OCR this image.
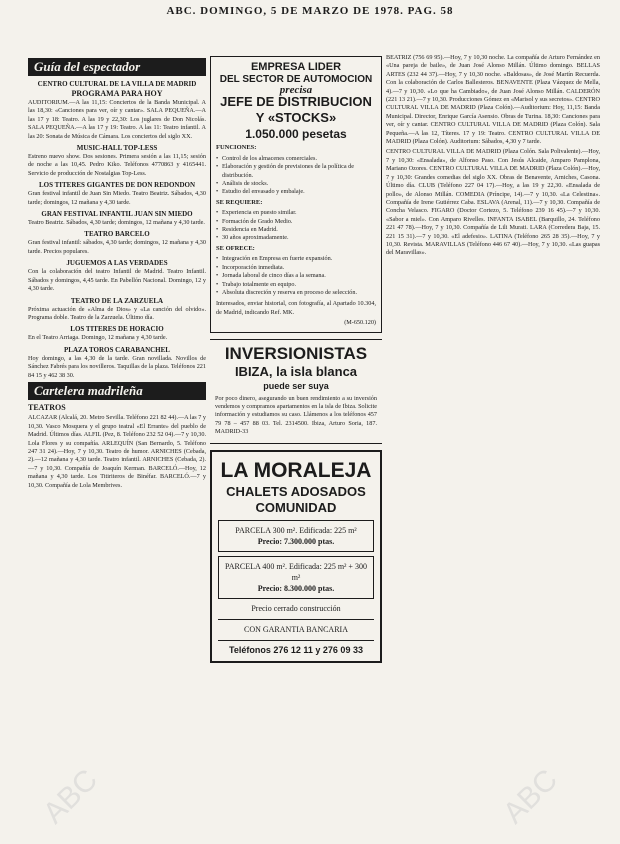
ABC. DOMINGO, 5 DE MARZO DE 1978. PAG. 58
Guía del espectador
CENTRO CULTURAL DE LA VILLA DE MADRID
PROGRAMA PARA HOY

AUDITORIUM.—A las 11,15: Conciertos de la Banda Municipal. A las 18,30: «Canciones para ver, oír y cantar». SALA PEQUEÑA.—A las 17 y 18: Teatro. A las 19 y 22,30: Los juglares de Don Nicolás. SALA PEQUEÑA.—A las 17 y 19: Teatro. A las 11: Teatro infantil. A las 20: Sonata de Música de Cámara. Los conciertos del siglo XX.

MUSIC-HALL TOP-LESS

Estreno nuevo show. Dos sesiones. Primera sesión a las 11,15; sesión de noche a las 10,45. Pedro Kiko. Teléfonos 4770863 y 4165441. Servicio de producción de Nostalgias Top-Less.

LOS TITERES GIGANTES DE DON REDONDON

Gran festival infantil de Juan Sin Miedo. Teatro Beatriz. Sábados, 4,30 tarde; domingos, 12 mañana y 4,30 tarde.

GRAN FESTIVAL INFANTIL JUAN SIN MIEDO

Teatro Beatriz. Sábados, 4,30 tarde; domingos, 12 mañana y 4,30 tarde.

TEATRO BARCELO

Gran festival infantil: sábados, 4,30 tarde; domingos, 12 mañana y 4,30 tarde. Precios populares.

JUGUEMOS A LAS VERDADES

Con la colaboración del teatro Infantil de Madrid. Teatro Infantil. Sábados y domingos, 4,45 tarde. En Pabellón Nacional. Domingo, 12 y 4,30 tarde.

TEATRO DE LA ZARZUELA

Próxima actuación de «Alma de Dios» y «La canción del olvido». Programa doble. Teatro de la Zarzuela. Último día.

LOS TITERES DE HORACIO

En el Teatro Arriaga. Domingo, 12 mañana y 4,30 tarde.

PLAZA TOROS CARABANCHEL

Hoy domingo, a las 4,30 de la tarde. Gran novillada. Novillos de Sánchez Fabrés para los novilleros. Taquillas de la plaza. Teléfonos 221 84 15 y 462 38 30.

Cartelera madrileña
TEATROS

ALCAZAR (Alcalá, 20. Metro Sevilla. Teléfono 221 82 44).—A las 7 y 10,30. Vasco Mosquera y el grupo teatral «El Errante» del pueblo de Madrid. Últimos días. ALFIL (Pez, 8. Teléfono 232 52 04).—7 y 10,30. Lola Flores y su compañía. ARLEQUÍN (San Bernardo, 5. Teléfono 247 31 24).—Hoy, 7 y 10,30. Teatro de humor. ARNICHES (Cebada, 2).—12 mañana y 4,30 tarde. Teatro infantil. ARNICHES (Cebada, 2).—7 y 10,30. Compañía de Joaquín Kerman. BARCELÓ.—Hoy, 12 mañana y 4,30 tarde. Los Titiriteros de Binéfar. BARCELÓ.—7 y 10,30. Compañía de Lola Membrives.

EMPRESA LIDER
DEL SECTOR DE AUTOMOCION
precisa
JEFE DE DISTRIBUCION
Y «STOCKS»
1.050.000 pesetas
FUNCIONES:
• Control de los almacenes comerciales.
• Elaboración y gestión de previsiones de la política de distribución.
• Análisis de stocks.
• Estudio del envasado y embalaje.
SE REQUIERE:
• Experiencia en puesto similar.
• Formación de Grado Medio.
• Residencia en Madrid.
• 30 años aproximadamente.
SE OFRECE:
• Integración en Empresa en fuerte expansión.
• Incorporación inmediata.
• Jornada laboral de cinco días a la semana.
• Trabajo totalmente en equipo.
• Absoluta discreción y reserva en proceso de selección.

Interesados, enviar historial, con fotografía, al Apartado 10.304, de Madrid, indicando Ref. MK.

(M-650.120)
INVERSIONISTAS
IBIZA, la isla blanca
puede ser suya

Por poco dinero, asegurando un buen rendimiento a su inversión vendemos y compramos apartamentos en la isla de Ibiza. Solicite información y estudiamos su caso. Llámenos a los teléfonos 457 79 78 – 457 88 03. Tel. 2314500. Ibiza, Arturo Soria, 187. MADRID-33

LA MORALEJA
CHALETS ADOSADOS
COMUNIDAD
PARCELA 300 m². Edificada: 225 m²
Precio: 7.300.000 ptas.
PARCELA 400 m². Edificada: 225 m² + 300 m²
Precio: 8.300.000 ptas.
Precio cerrado construcción
CON GARANTIA BANCARIA
Teléfonos 276 12 11 y 276 09 33

BEATRIZ (756 69 95).—Hoy, 7 y 10,30 noche. La compañía de Arturo Fernández en «Una pareja de baile», de Juan José Alonso Millán. Último domingo. BELLAS ARTES (232 44 37).—Hoy, 7 y 10,30 noche. «Baldosas», de José Martín Recuerda. Con la colaboración de Carlos Ballesteros. BENAVENTE (Plaza Vázquez de Mella, 4).—7 y 10,30. «Lo que ha Cambiado», de Juan José Alonso Millán. CALDERÓN (221 13 21).—7 y 10,30. Producciones Gómez en «Marisol y sus secretos». CENTRO CULTURAL VILLA DE MADRID (Plaza Colón).—Auditorium: Hoy, 11,15: Banda Municipal. Director, Enrique García Asensio. Obras de Turina. 18,30: Canciones para ver, oír y cantar. CENTRO CULTURAL VILLA DE MADRID (Plaza Colón). Sala Pequeña.—A las 12, Títeres. 17 y 19: Teatro. CENTRO CULTURAL VILLA DE MADRID (Plaza Colón). Auditorium: Sábados, 4,30 y 7 tarde.

CENTRO CULTURAL VILLA DE MADRID (Plaza Colón. Sala Polivalente).—Hoy, 7 y 10,30: «Ensalada», de Alfonso Paso. Con Jesús Alcaide, Amparo Pamplona, Mariano Ozores. CENTRO CULTURAL VILLA DE MADRID (Plaza Colón).—Hoy, 7 y 10,30: Grandes comedias del siglo XX. Obras de Benavente, Arniches, Casona. Último día. CLUB (Teléfono 227 04 17).—Hoy, a las 19 y 22,30. «Ensalada de pollo», de Alonso Millán. COMEDIA (Príncipe, 14).—7 y 10,30. «La Celestina». Compañía de Irene Gutiérrez Caba. ESLAVA (Arenal, 11).—7 y 10,30. Compañía de Concha Velasco. FIGARO (Doctor Cortezo, 5. Teléfono 239 16 45).—7 y 10,30. «Sabor a miel». Con Amparo Rivelles. INFANTA ISABEL (Barquillo, 24. Teléfono 221 47 78).—Hoy, 7 y 10,30. Compañía de Lili Murati. LARA (Corredera Baja, 15. 221 15 31).—7 y 10,30. «El adefesio». LATINA (Teléfono 265 28 35).—Hoy, 7 y 10,30. Revista. MARAVILLAS (Teléfono 446 67 40).—Hoy, 7 y 10,30. «Las guapas del Maravillas».

ABC	ABC
